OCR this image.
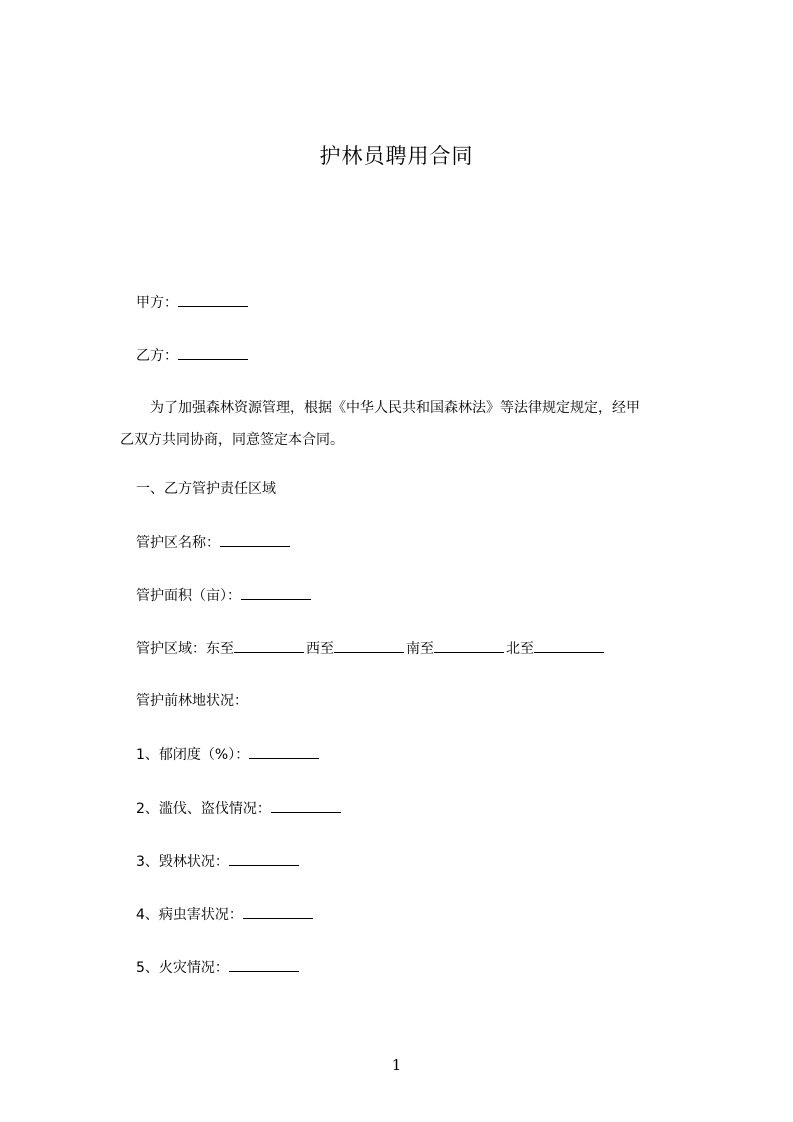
护林员聘用合同
甲方：
乙方：
为了加强森林资源管理，根据《中华人民共和国森林法》等法律规定规定，经甲
乙双方共同协商，同意签定本合同。
一、乙方管护责任区域
管护区名称：
管护面积（亩）：
管护区域：东至	西至	南至	北至
管护前林地状况：
1、郁闭度（%）：
2、滥伐、盗伐情况：
3、毁林状况：
4、病虫害状况：
5、火灾情况：
1
